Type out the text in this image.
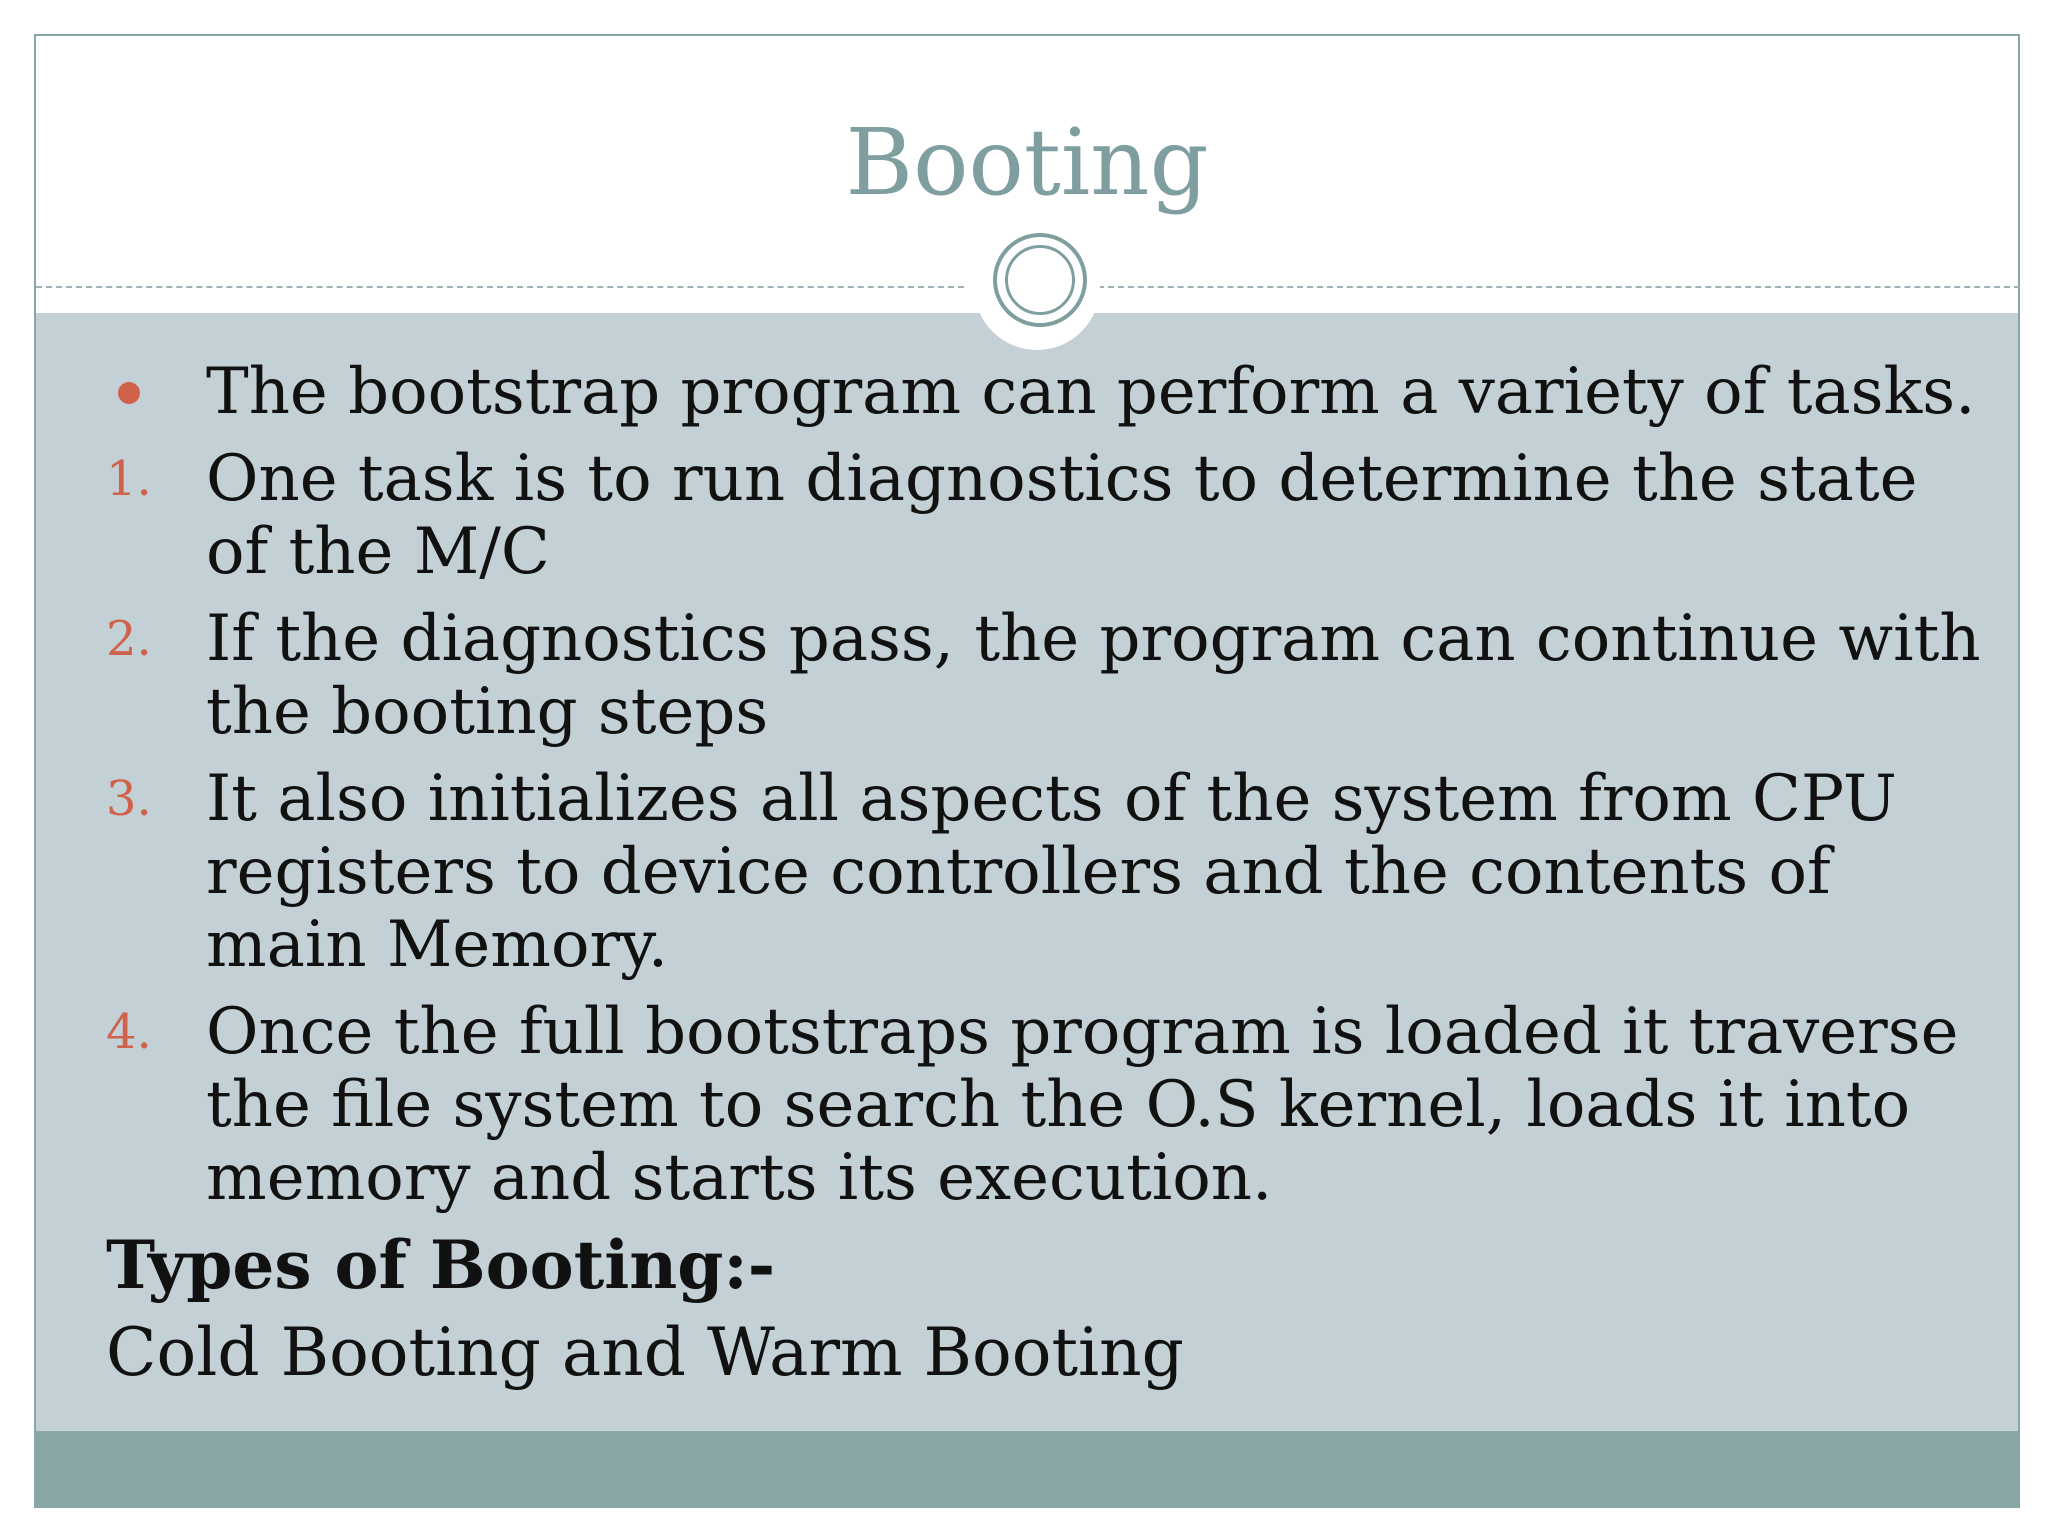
Booting
The bootstrap program can perform a variety of tasks.
1. One task is to run diagnostics to determine the state of the M/C
2. If the diagnostics pass, the program can continue with the booting steps
3. It also initializes all aspects of the system from CPU registers to device controllers and the contents of main Memory.
4. Once the full bootstraps program is loaded it traverse the file system to search the O.S kernel, loads it into memory and starts its execution.
Types of Booting:-
Cold Booting and Warm Booting
